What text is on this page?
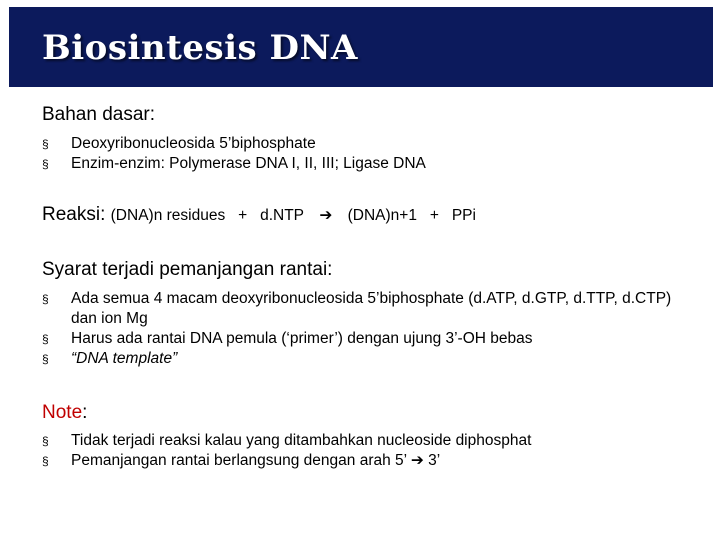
Biosintesis DNA
Bahan dasar:
§ Deoxyribonucleosida 5’biphosphate
§ Enzim-enzim: Polymerase DNA I, II, III; Ligase DNA
Reaksi: (DNA)n residues   +   d.NTP ➔ (DNA)n+1   +   PPi
Syarat terjadi pemanjangan rantai:
§ Ada semua 4 macam deoxyribonucleosida 5’biphosphate (d.ATP, d.GTP, d.TTP, d.CTP) dan ion Mg
§ Harus ada rantai DNA pemula (‘primer’) dengan ujung 3’-OH bebas
§ “DNA template”
Note:
§ Tidak terjadi reaksi kalau yang ditambahkan nucleoside diphosphat
§ Pemanjangan rantai berlangsung dengan arah 5’ ➔ 3’
